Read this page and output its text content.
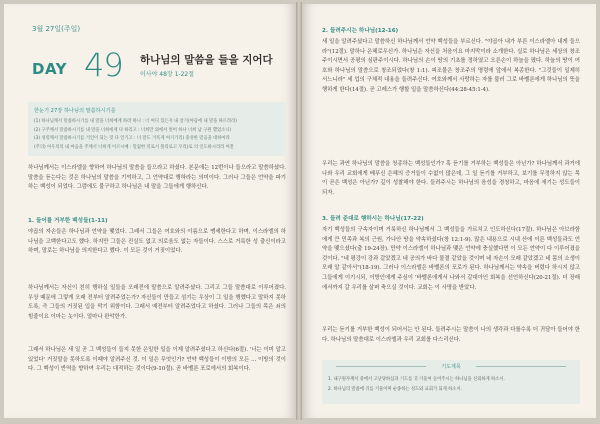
3월 27일(주일)
DAY 49 하나님의 말씀을 들을 지어다
이사야 48장 1-22절
한눈기 27장 하나님의 말씀하시기를
(1) 하나님께서 말씀하시기를 내 말을 너희에게 하려 하니 : 너 여디 있든지 내 살기(야곱에 내 말을 따르라라)
(2) 구주께서 말씀하시기를 내 말을 너희에게 다 하리고 : 너희만 외에서 벗어 하나 너희 남 구원 했었소니)
(3) 성령께서 말씀하시기를 거인이 되는 것 다 알기고 : 너 말도 거룩게 여기기리) 충성한 믿음을 대하여라
(주의) 여우의의 내 마음을 주께서 너희게 이르시매 : 말없한 의로서 볼리로고 우리)로 의 인도하시리라 여잔
하나님께서는 이스라엘을 향하여 하나님의 말씀을 들으라고 하셨다. 본문에는 12번이나 들으라고 말씀하셨다. 말씀을 듣는다는 것은 하나님의 말씀을 기억하고, 그 언약대로 행하라는 의미이다. 그러나 그들은 언약을 파기하는 백성이 되었다. 그럼에도 불구하고 하나님은 내 말을 그들에게 행하신다.
1. 들어를 거부한 백성들(1-11)
야곱의 자손들은 하나님과 언약을 맺었다. 그래서 그들은 여호와의 이름으로 맹세한다고 하며, 이스라엘의 하나님을 고백한다고도 했다. 하지만 그들은 진실도 없고 의로움도 없는 자들이다. 스스로 거룩한 성 출신이라고 하며, 말로는 하나님을 의지한다고 했다. 이 모든 것이 거짓이었다.
하나님께서는 자신이 친히 행하실 일들을 오래전에 말씀으로 알려주셨다. 그리고 그들 말씀대로 이루어졌다. 우상 때문에 그렇게 오래 전부터 알려주었는가? 자신들이 만들고 섬기는 우상이 그 일을 행했다고 말하지 못하도록, 즉 그들의 거짓된 입을 막기 위함이다. 그래서 예전부터 알려주었다고 하셨다. 그러나 그들의 목은 쇠의 힘줄이요 이마는 놋이다. 얼마나 완악한가.
그래서 하나님은 새 일 곧 그 백성들이 들지 못한 은밀한 일을 이제 알려주셨다고 하신다(6절). '너는 이미 알고 있었다' 거짓말을 못하도록 이때야 알려주신 것. 이 일은 무엇인가? 언약 백성들이 이방의 모든 ... 이방의 것이다. 그 백성이 반역을 향하여 우리는 대적하는 것이다(9-10절). 곧 바벨론 포로에서의 회복이다.
2. 들려주시는 하나님(12-16)
새 일을 알려주셨다고 말씀하신 하나님께서 언약 백성들을 부르신다. "야곱아 내가 부른 이스라엘아 내게 들으라"(12절). 말하나 은혜로우신가. 하나님은 자신을 처음이요 마지막이라 소개한다. 실로 하나님은 세상의 창조주이시면서 공평의 심판주이시다. 하나님의 손이 땅의 기초를 정하였고 오른손이 하늘을 폈다. 하늘의 땅이 여호와 하나님의 말씀으로 창조되었다(창 1:1). 피조물은 창조주의 명령에 앞에서 복종한다. "그것들이 일제히 서느니라" 세 업의 구체적 내용을 들려주신다. 여호와께서 사랑하는 자를 불러 그로 바벨론에게 하나님의 뜻을 행하게 한다(14절). 곧 고레스가 행할 일을 말씀하신다(44:28-45:1-4).
우리는 과연 하나님의 말씀을 청종하는 백성들인가? 혹 듣기를 거부하는 백성들은 아닌가? 하나님께서 과거에 나와 우리 교회에게 베푸신 은혜의 증거들이 수없이 많은데, 그 일 듣기를 거부하고, 보기를 무정하지 않는 목이 곧은 백성은 아닌가? 깊이 성찰해야 한다. 들려주시는 하나님의 음성을 경청하고, 마음에 새기는 성도들이 되자.
3. 들려 준대로 행하시는 하나님(17-22)
자기 백성들의 구속자이며 거룩하신 하나님께서 그 백성들을 가르치고 인도하신다(17절). 하나님은 아브라함에게 큰 민족과 복의 근원, 가나안 땅을 약속하셨다(창 12:1-9). 많은 내용으로 시내 산에 이른 백성들과도 언약을 맺으셨다(출 19-24장). 만약 이스라엘이 하나님과 맺은 언약에 충실했다면 이 모든 언약이 다 이루어졌을 것이다. "네 평강이 강과 같았겠고 네 공의가 바다 물결 같았을 것이며 네 자손이 모래 같았겠고 네 몸의 소생이 모래 알 같아서"(18-19). 그러나 이스라엘은 바벨론의 포로가 된다. 하나님께서는 약속을 버렸다 하시지 않고 그들에게 이기시되, 이방인에게 주심이 '바벨론에게서 나와서 갈대아인 회복을 선언하신다(20-21절). 더 장래에서까지 갈 우리를 살펴 축으실 것이다. 교회는 이 사명을 받았다.
우리는 듣기를 거부한 백성이 되어서는 안 된다. 들려주시는 말씀이 나의 생각과 다를수록 더 귀담아 들어야 한다. 하나님의 말씀대로 이스라엘과 우리 교회를 다스리신다.
기도제목
1. 내구원자께서 중에서 고난당하심과 기도를 귀 기울여 들어주시는 하나님을 신뢰하게 하소서.
2. 하나님의 말씀에 귀를 기울이며 순종하는 성도와 교회가 되게 하소서.
